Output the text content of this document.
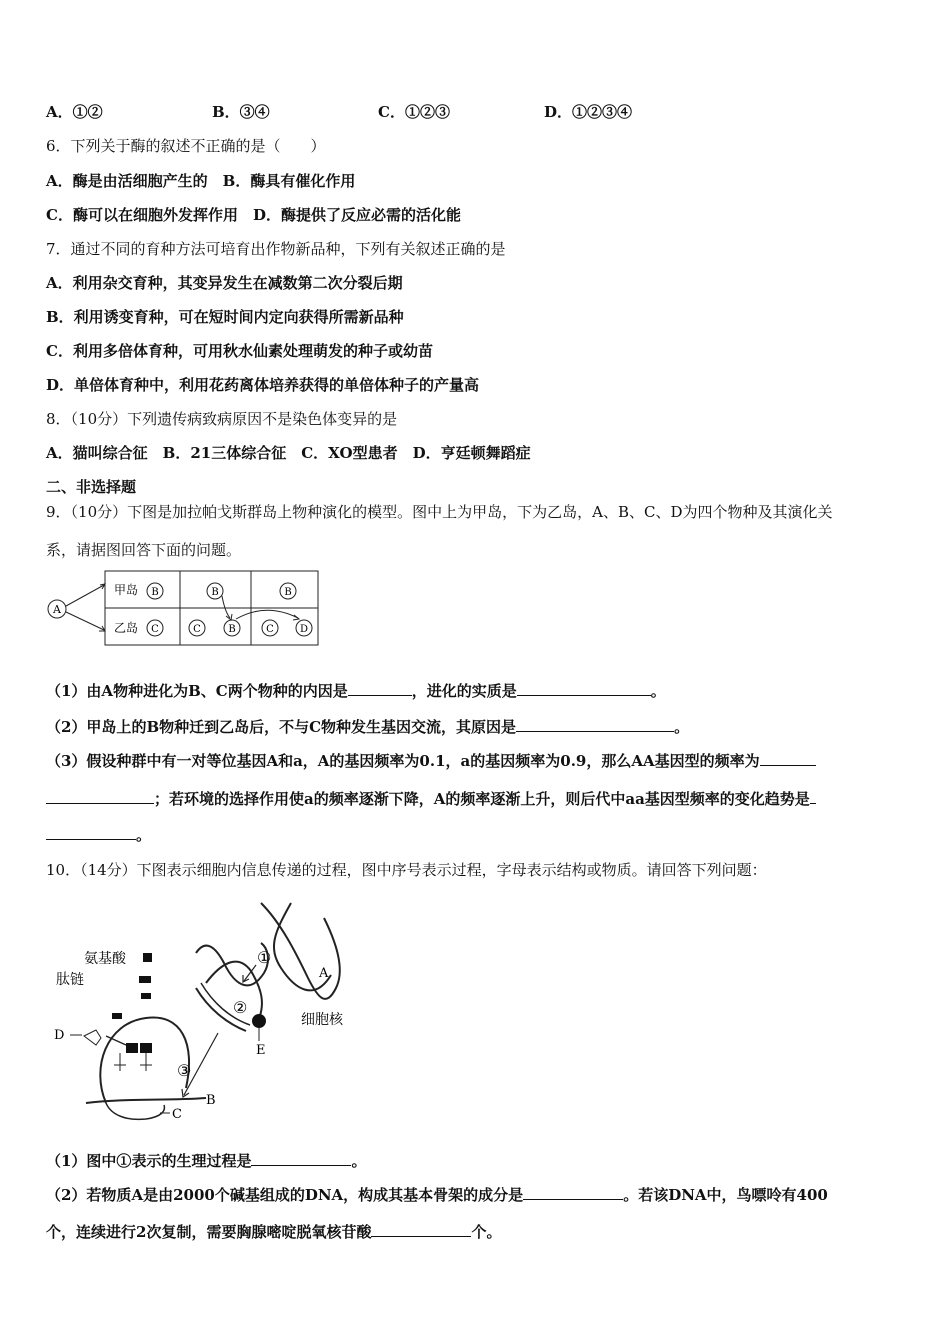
A．①②	B．③④	C．①②③	D．①②③④
6．下列关于酶的叙述不正确的是（　　）
A．酶是由活细胞产生的　B．酶具有催化作用
C．酶可以在细胞外发挥作用　D．酶提供了反应必需的活化能
7．通过不同的育种方法可培育出作物新品种，下列有关叙述正确的是
A．利用杂交育种，其变异发生在减数第二次分裂后期
B．利用诱变育种，可在短时间内定向获得所需新品种
C．利用多倍体育种，可用秋水仙素处理萌发的种子或幼苗
D．单倍体育种中，利用花药离体培养获得的单倍体种子的产量高
8．（10分）下列遗传病致病原因不是染色体变异的是
A．猫叫综合征　B．21三体综合征　C．XO型患者　D．亨廷顿舞蹈症
二、非选择题
9．（10分）下图是加拉帕戈斯群岛上物种演化的模型。图中上为甲岛，下为乙岛，A、B、C、D为四个物种及其演化关
系，请据图回答下面的问题。
A
甲岛
乙岛
B
C
B
C	B
B
C	D
（1）由A物种进化为B、C两个物种的内因是	，进化的实质是	。
（2）甲岛上的B物种迁到乙岛后，不与C物种发生基因交流，其原因是	。
（3）假设种群中有一对等位基因A和a，A的基因频率为0.1，a的基因频率为0.9，那么AA基因型的频率为
；若环境的选择作用使a的频率逐渐下降，A的频率逐渐上升，则后代中aa基因型频率的变化趋势是
。
10．（14分）下图表示细胞内信息传递的过程，图中序号表示过程，字母表示结构或物质。请回答下列问题：
E
①
②
A
细胞核
③
B
C
氨基酸
肽链
D
（1）图中①表示的生理过程是	。
（2）若物质A是由2000个碱基组成的DNA，构成其基本骨架的成分是	。若该DNA中，鸟嘌呤有400
个，连续进行2次复制，需要胸腺嘧啶脱氧核苷酸	个。
